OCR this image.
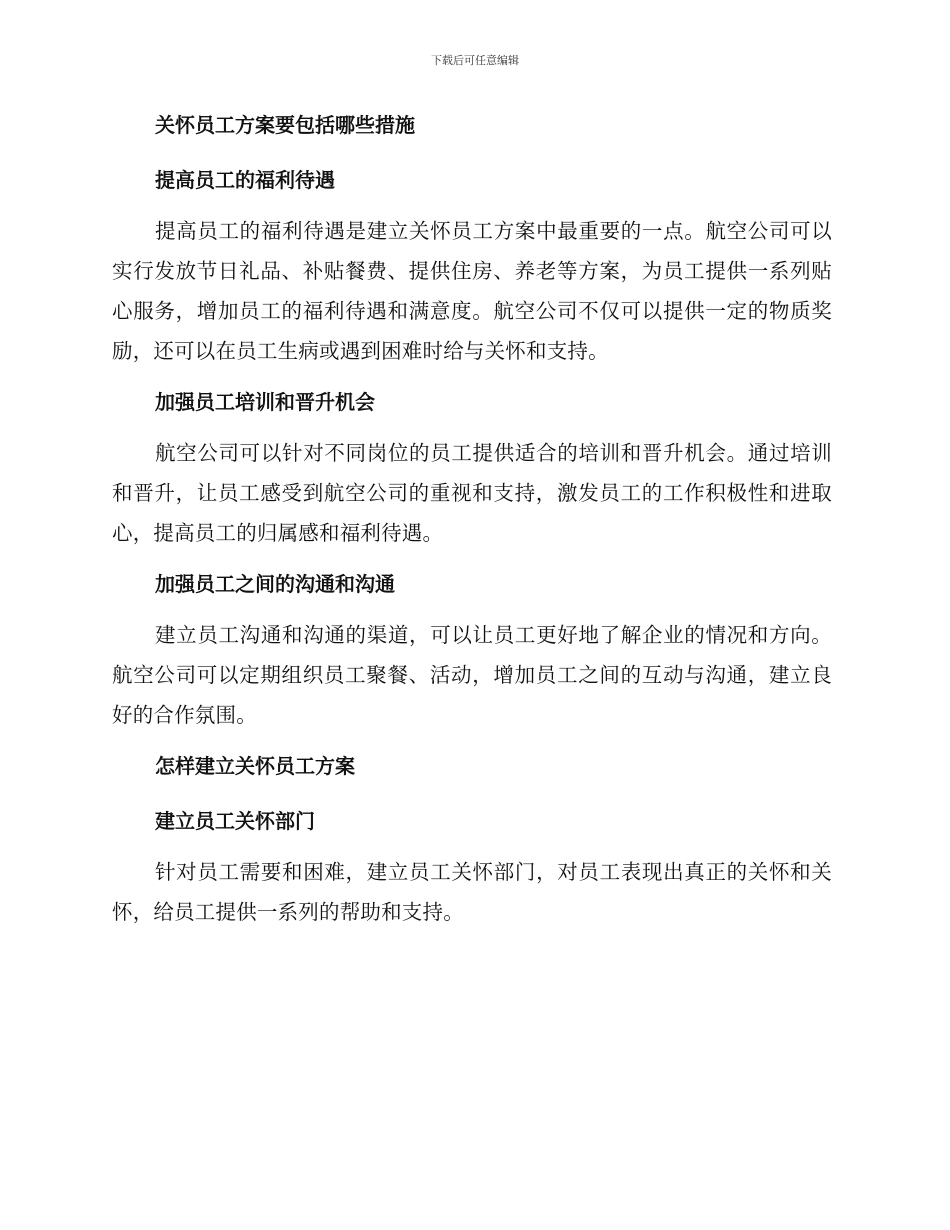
下载后可任意编辑
关怀员工方案要包括哪些措施
提高员工的福利待遇

提高员工的福利待遇是建立关怀员工方案中最重要的一点。航空公司可以实行发放节日礼品、补贴餐费、提供住房、养老等方案，为员工提供一系列贴心服务，增加员工的福利待遇和满意度。航空公司不仅可以提供一定的物质奖励，还可以在员工生病或遇到困难时给与关怀和支持。

加强员工培训和晋升机会

航空公司可以针对不同岗位的员工提供适合的培训和晋升机会。通过培训和晋升，让员工感受到航空公司的重视和支持，激发员工的工作积极性和进取心，提高员工的归属感和福利待遇。

加强员工之间的沟通和沟通

建立员工沟通和沟通的渠道，可以让员工更好地了解企业的情况和方向。航空公司可以定期组织员工聚餐、活动，增加员工之间的互动与沟通，建立良好的合作氛围。

怎样建立关怀员工方案
建立员工关怀部门

针对员工需要和困难，建立员工关怀部门，对员工表现出真正的关怀和关怀，给员工提供一系列的帮助和支持。
